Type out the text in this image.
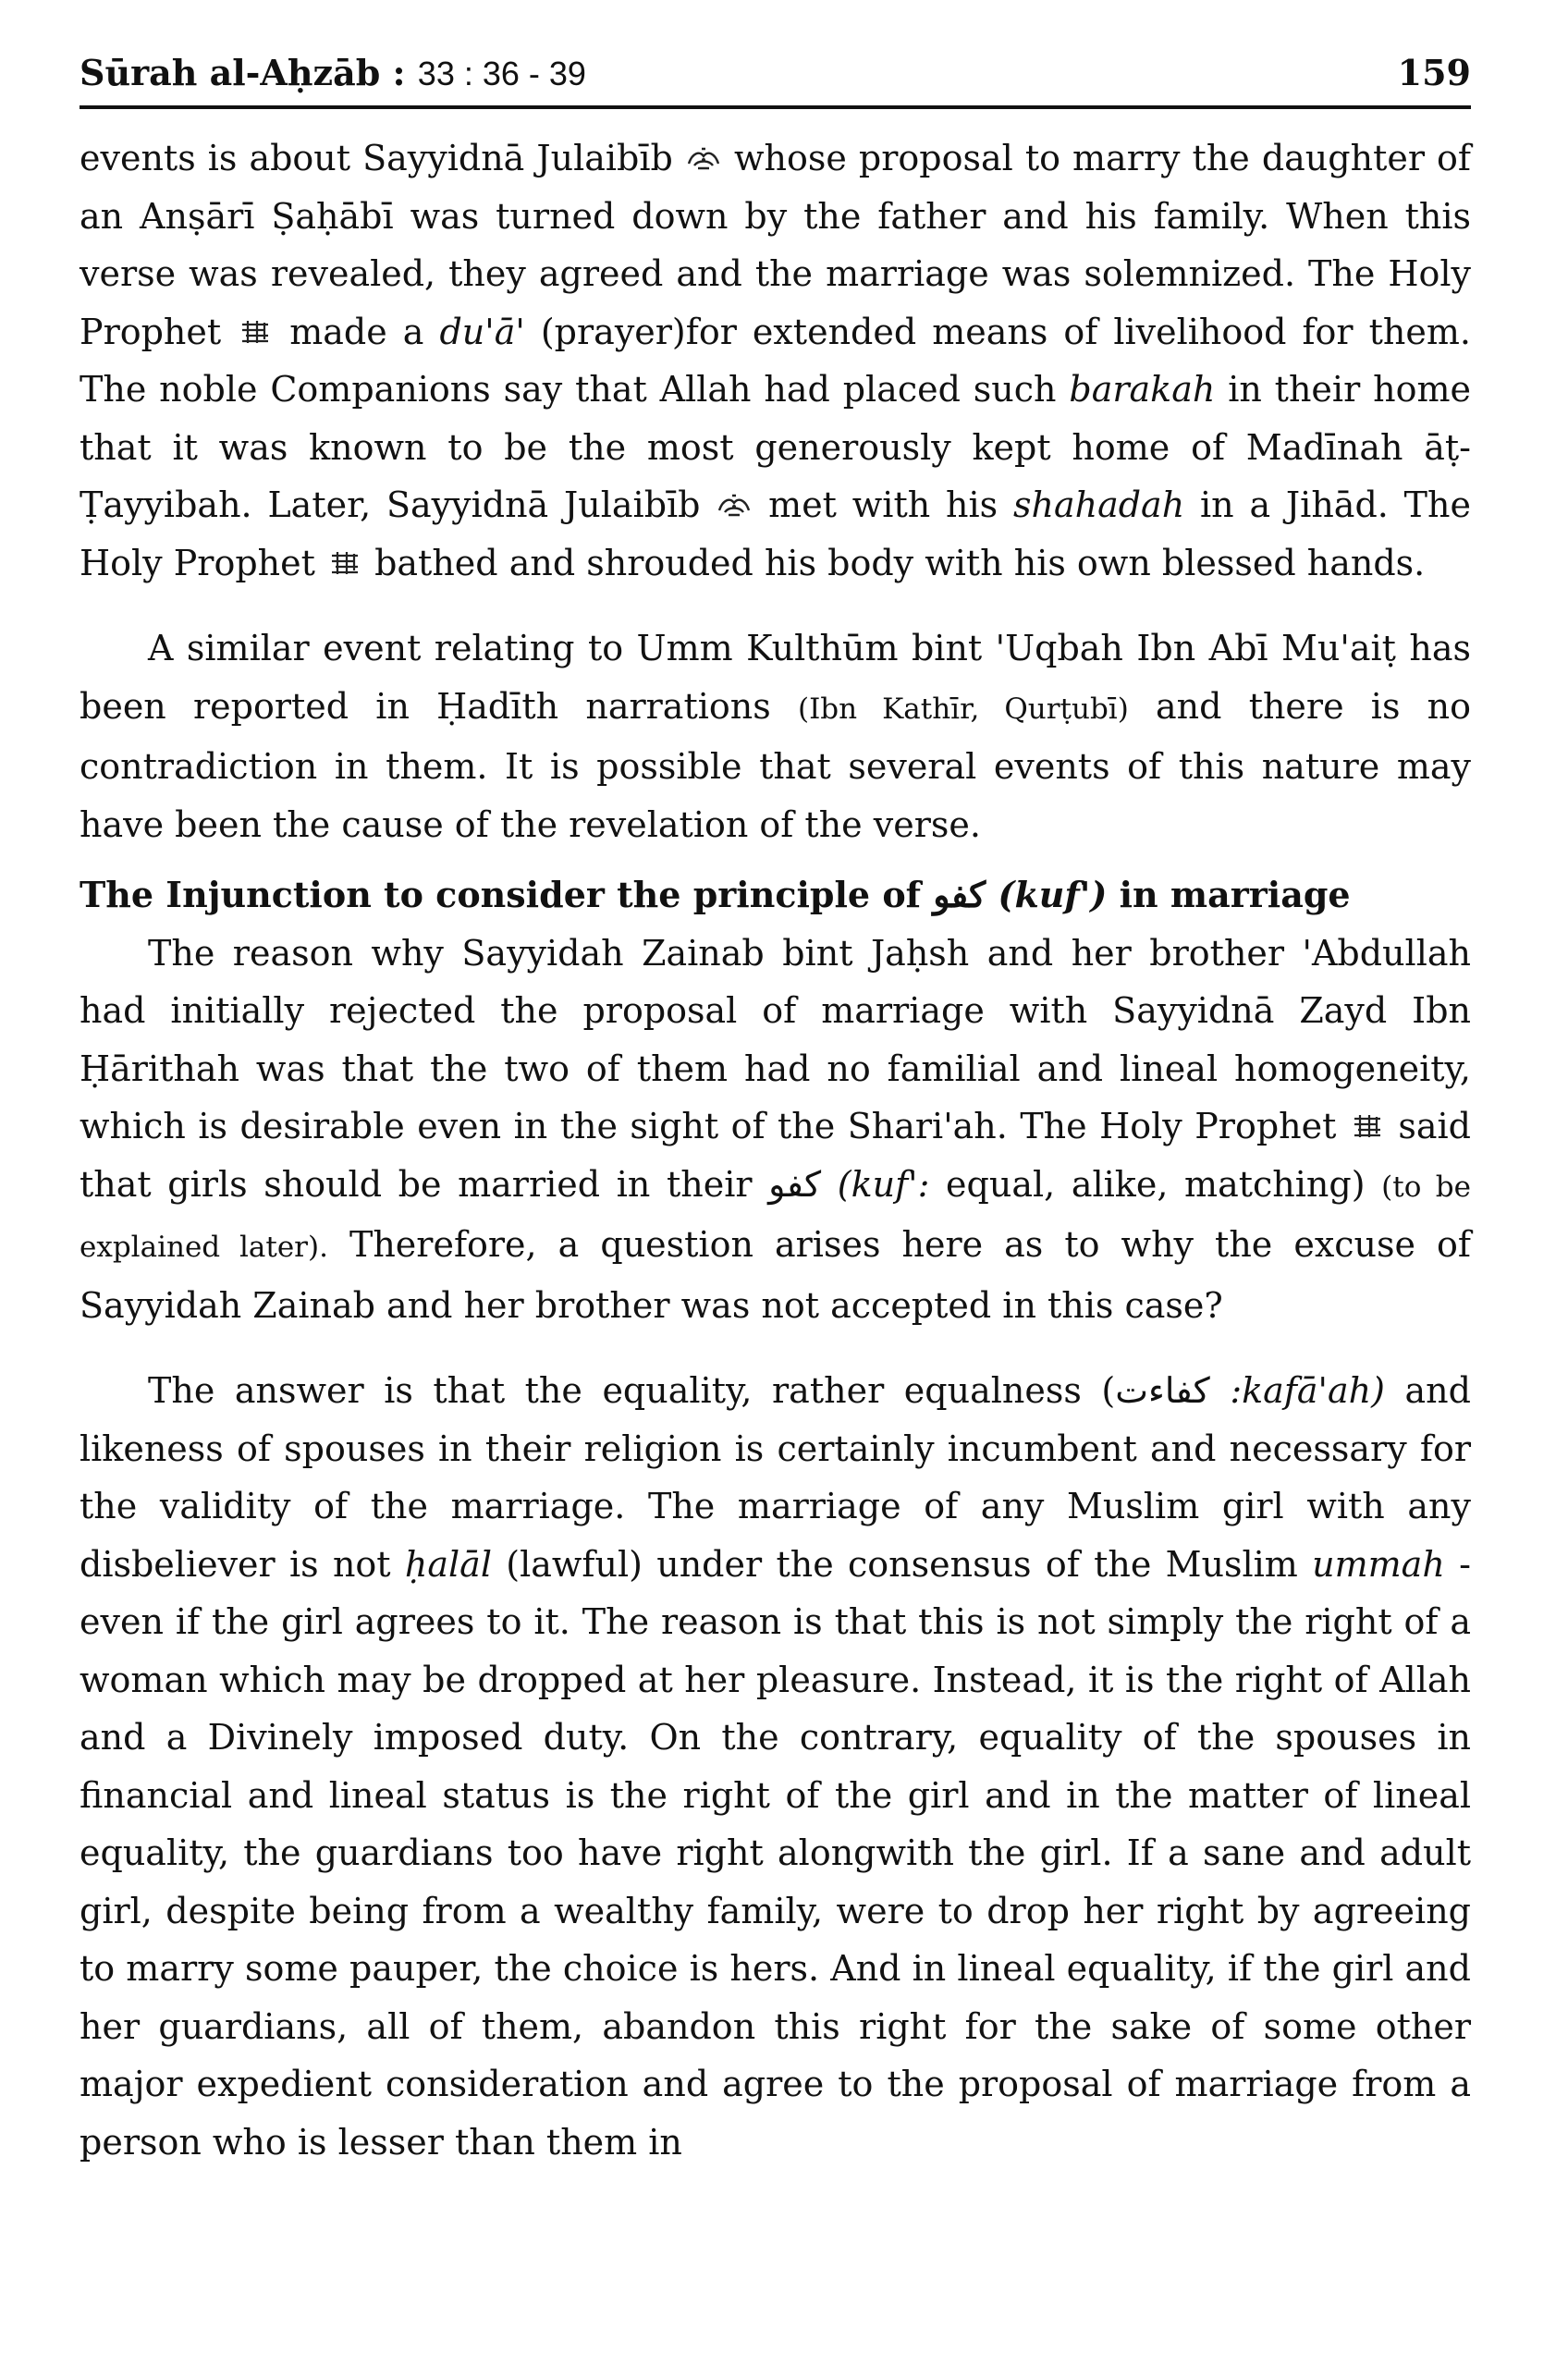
Sūrah al-Aḥzāb : 33 : 36 - 39	159

events is about Sayyidnā Julaibīb whose proposal to marry the daughter of an Anṣārī Ṣaḥābī was turned down by the father and his family. When this verse was revealed, they agreed and the marriage was solemnized. The Holy Prophet made a du'ā' (prayer)for extended means of livelihood for them. The noble Companions say that Allah had placed such barakah in their home that it was known to be the most generously kept home of Madīnah āṭ-Ṭayyibah. Later, Sayyidnā Julaibīb met with his shahadah in a Jihād. The Holy Prophet bathed and shrouded his body with his own blessed hands.

A similar event relating to Umm Kulthūm bint 'Uqbah Ibn Abī Mu'aiṭ has been reported in Ḥadīth narrations (Ibn Kathīr, Qurṭubī) and there is no contradiction in them. It is possible that several events of this nature may have been the cause of the revelation of the verse.

The Injunction to consider the principle of كفو (kuf') in marriage

The reason why Sayyidah Zainab bint Jaḥsh and her brother 'Abdullah had initially rejected the proposal of marriage with Sayyidnā Zayd Ibn Ḥārithah was that the two of them had no familial and lineal homogeneity, which is desirable even in the sight of the Shari'ah. The Holy Prophet said that girls should be married in their كفو (kuf': equal, alike, matching) (to be explained later). Therefore, a question arises here as to why the excuse of Sayyidah Zainab and her brother was not accepted in this case?

The answer is that the equality, rather equalness (كفاءت :kafā'ah) and likeness of spouses in their religion is certainly incumbent and necessary for the validity of the marriage. The marriage of any Muslim girl with any disbeliever is not ḥalāl (lawful) under the consensus of the Muslim ummah - even if the girl agrees to it. The reason is that this is not simply the right of a woman which may be dropped at her pleasure. Instead, it is the right of Allah and a Divinely imposed duty. On the contrary, equality of the spouses in financial and lineal status is the right of the girl and in the matter of lineal equality, the guardians too have right alongwith the girl. If a sane and adult girl, despite being from a wealthy family, were to drop her right by agreeing to marry some pauper, the choice is hers. And in lineal equality, if the girl and her guardians, all of them, abandon this right for the sake of some other major expedient consideration and agree to the proposal of marriage from a person who is lesser than them in
